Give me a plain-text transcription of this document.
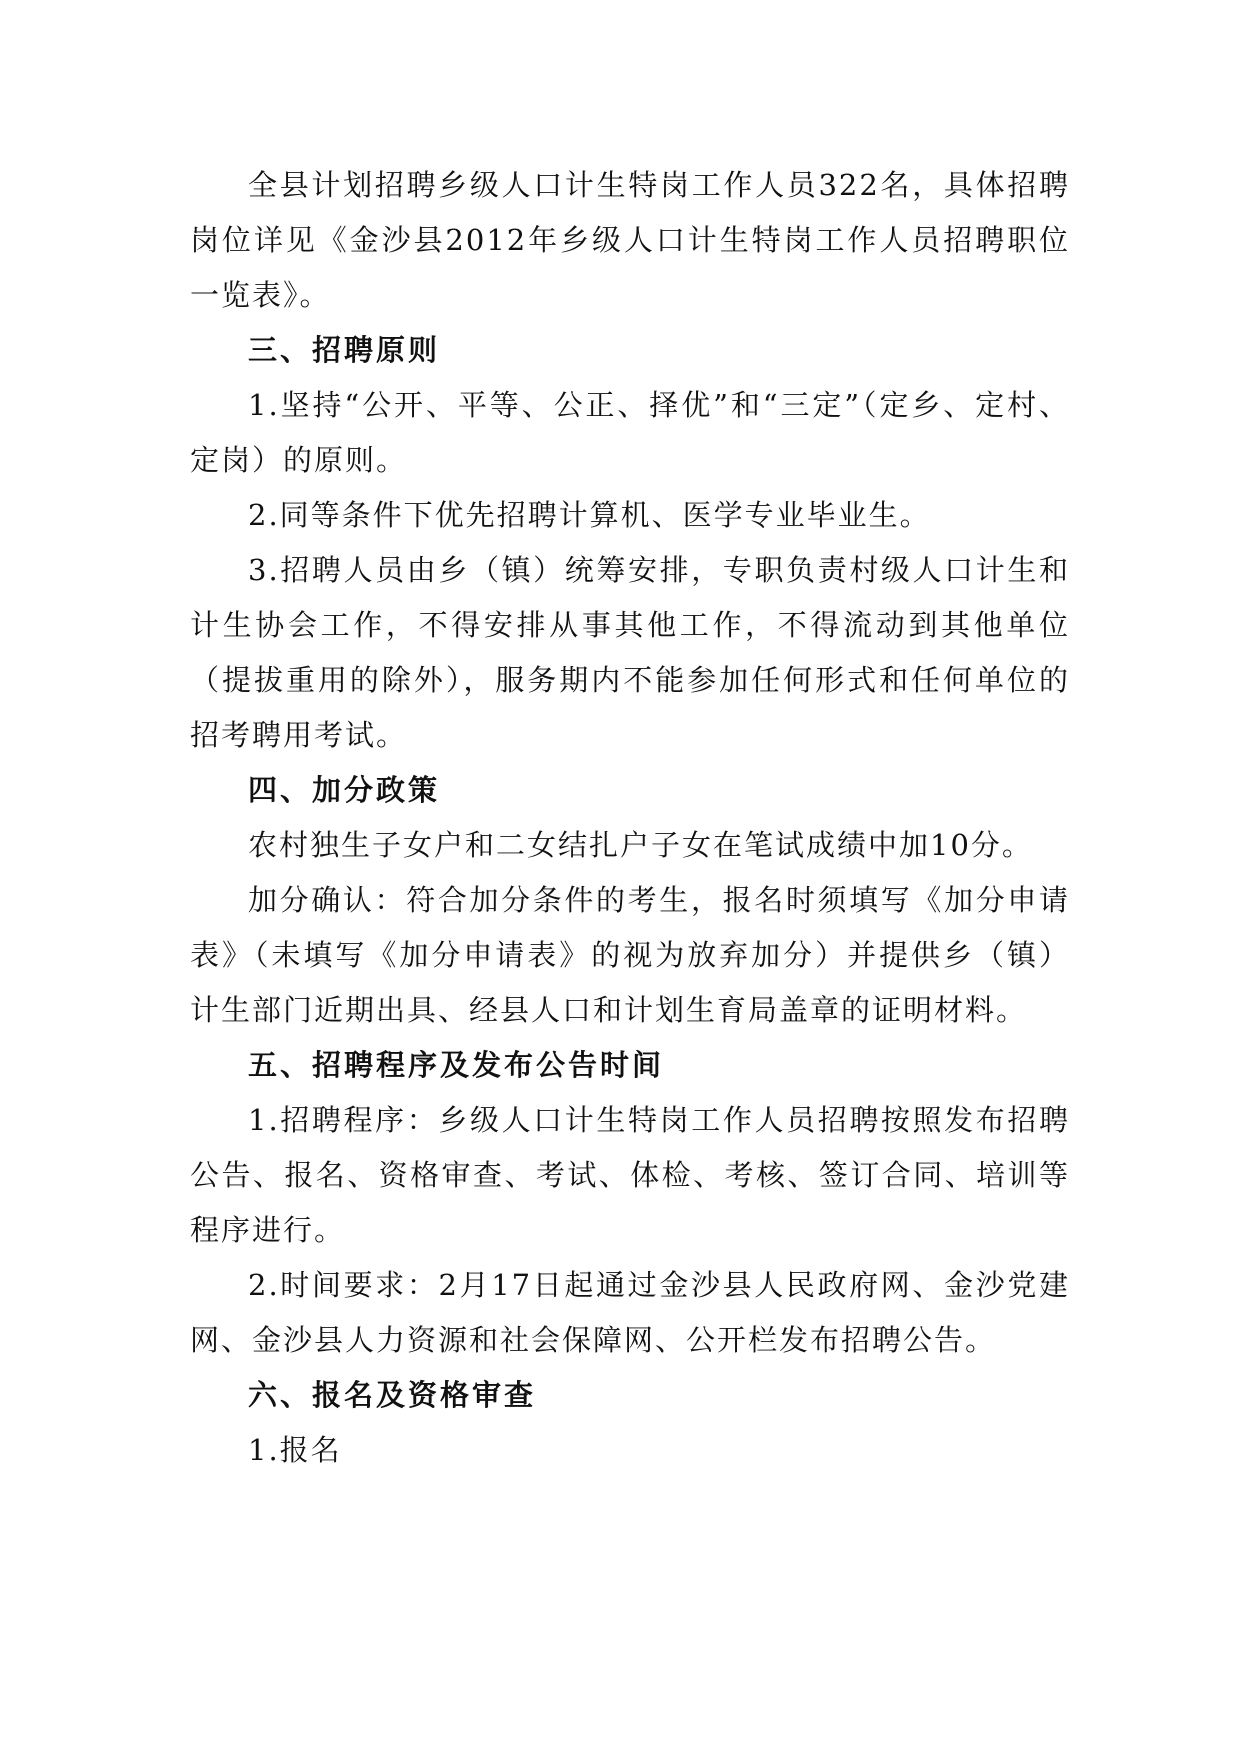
全县计划招聘乡级人口计生特岗工作人员322名，具体招聘岗位详见《金沙县2012年乡级人口计生特岗工作人员招聘职位一览表》。

三、招聘原则

1.坚持“公开、平等、公正、择优”和“三定”（定乡、定村、定岗）的原则。

2.同等条件下优先招聘计算机、医学专业毕业生。

3.招聘人员由乡（镇）统筹安排，专职负责村级人口计生和计生协会工作，不得安排从事其他工作，不得流动到其他单位（提拔重用的除外），服务期内不能参加任何形式和任何单位的招考聘用考试。

四、加分政策

农村独生子女户和二女结扎户子女在笔试成绩中加10分。

加分确认：符合加分条件的考生，报名时须填写《加分申请表》（未填写《加分申请表》的视为放弃加分）并提供乡（镇）计生部门近期出具、经县人口和计划生育局盖章的证明材料。

五、招聘程序及发布公告时间

1.招聘程序：乡级人口计生特岗工作人员招聘按照发布招聘公告、报名、资格审查、考试、体检、考核、签订合同、培训等程序进行。

2.时间要求：2月17日起通过金沙县人民政府网、金沙党建网、金沙县人力资源和社会保障网、公开栏发布招聘公告。

六、报名及资格审查

1.报名
